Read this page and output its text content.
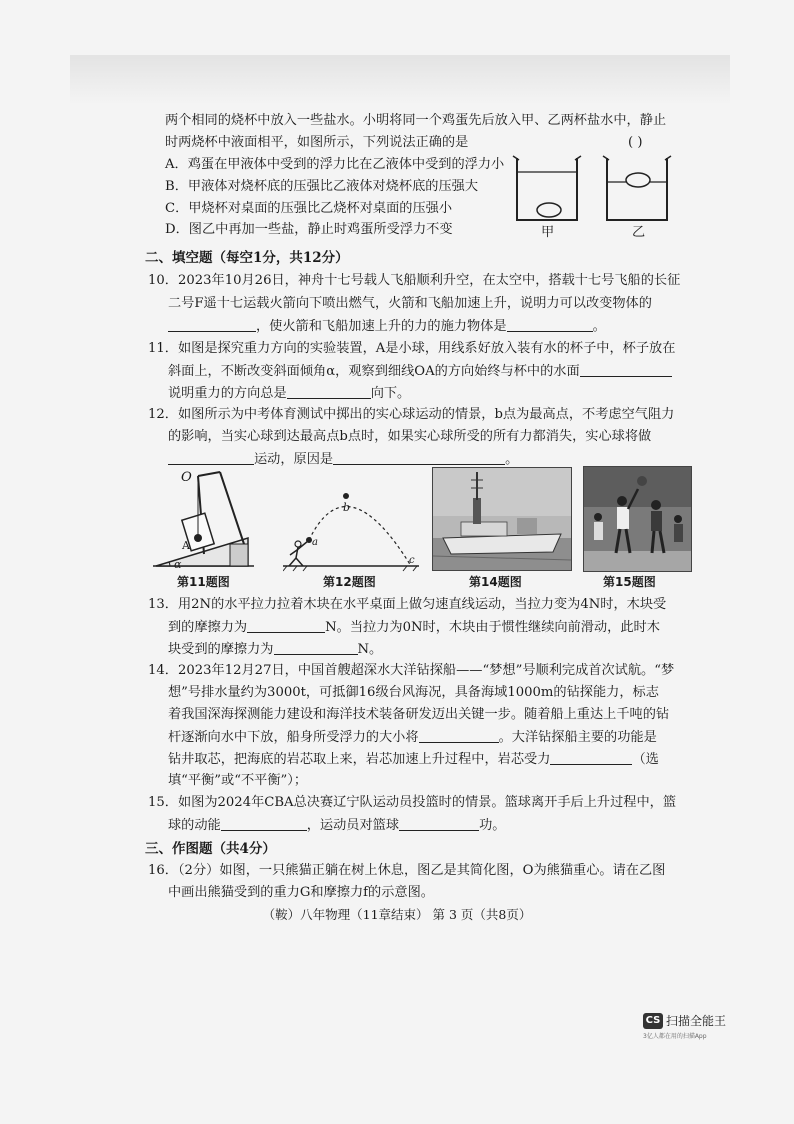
两个相同的烧杯中放入一些盐水。小明将同一个鸡蛋先后放入甲、乙两杯盐水中，静止
时两烧杯中液面相平，如图所示，下列说法正确的是	( )
A．鸡蛋在甲液体中受到的浮力比在乙液体中受到的浮力小
B．甲液体对烧杯底的压强比乙液体对烧杯底的压强大
C．甲烧杯对桌面的压强比乙烧杯对桌面的压强小
D．图乙中再加一些盐，静止时鸡蛋所受浮力不变	甲	乙
二、填空题（每空1分，共12分）
10．2023年10月26日，神舟十七号载人飞船顺利升空，在太空中，搭载十七号飞船的长征
二号F遥十七运载火箭向下喷出燃气，火箭和飞船加速上升，说明力可以改变物体的
，使火箭和飞船加速上升的力的施力物体是	。
11．如图是探究重力方向的实验装置，A是小球，用线系好放入装有水的杯子中，杯子放在
斜面上，不断改变斜面倾角α，观察到细线OA的方向始终与杯中的水面
说明重力的方向总是	向下。
12．如图所示为中考体育测试中掷出的实心球运动的情景，b点为最高点，不考虑空气阻力
的影响，当实心球到达最高点b点时，如果实心球所受的所有力都消失，实心球将做
运动，原因是	。
O
A
α
第11题图
a
b
c
第12题图	第14题图	第15题图
13．用2N的水平拉力拉着木块在水平桌面上做匀速直线运动，当拉力变为4N时，木块受
到的摩擦力为	N。当拉力为0N时，木块由于惯性继续向前滑动，此时木
块受到的摩擦力为	N。
14．2023年12月27日，中国首艘超深水大洋钻探船——“梦想”号顺利完成首次试航。“梦
想”号排水量约为3000t，可抵御16级台风海况，具备海域1000m的钻探能力，标志
着我国深海探测能力建设和海洋技术装备研发迈出关键一步。随着船上重达上千吨的钻
杆逐渐向水中下放，船身所受浮力的大小将	。大洋钻探船主要的功能是
钻井取芯，把海底的岩芯取上来，岩芯加速上升过程中，岩芯受力	（选
填“平衡”或“不平衡”）；
15．如图为2024年CBA总决赛辽宁队运动员投篮时的情景。篮球离开手后上升过程中，篮
球的动能	，运动员对篮球	功。
三、作图题（共4分）
16．（2分）如图，一只熊猫正躺在树上休息，图乙是其简化图，O为熊猫重心。请在乙图
中画出熊猫受到的重力G和摩擦力f的示意图。
（鞍）八年物理（11章结束） 第 3 页（共8页）
CS 扫描全能王
3亿人都在用的扫描App
